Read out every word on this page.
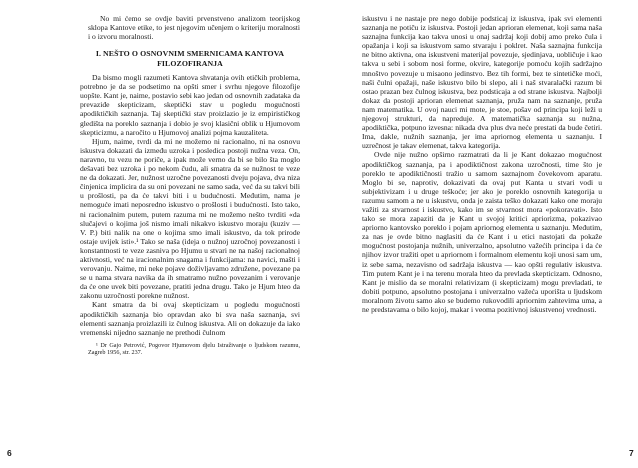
No mi ćemo se ovdje baviti prvenstveno analizom teorijskog sklopa Kantove etike, to jest njegovim učenjem o kriteriju moralnosti i o izvoru moralnosti.

I. NEŠTO O OSNOVNIM SMERNICAMA KANTOVA
FILOZOFIRANJA

Da bismo mogli razumeti Kantova shvatanja ovih etičkih problema, potrebno je da se podsetimo na opšti smer i svrhu njegove filozofije uopšte. Kant je, naime, postavio sebi kao jedan od osnovnih zadataka da prevaziđe skepticizam, skeptički stav u pogledu mogućnosti apodiktičkih saznanja. Taj skeptički stav proizlazio je iz empirističkog gledišta na poreklo saznanja i dobio je svoj klasični oblik u Hjumovom skepticizmu, a naročito u Hjumovoj analizi pojma kauzaliteta.

Hjum, naime, tvrdi da mi ne možemo ni racionalno, ni na osnovu iskustva dokazati da između uzroka i posledica postoji nužna veza. On, naravno, tu vezu ne poriče, a ipak može verno da bi se bilo šta moglo dešavati bez uzroka i po nekom čudu, ali smatra da se nužnost te veze ne da dokazati. Jer, nužnost uzročne povezanosti dveju pojava, dva niza činjenica implicira da su oni povezani ne samo sada, već da su takvi bili u prošlosti, pa da će takvi biti i u budućnosti. Međutim, nama je nemoguće imati neposredno iskustvo o prošlosti i budućnosti. Isto tako, ni racionalnim putem, putem razuma mi ne možemo nešto tvrditi «da slučajevi o kojima još nismo imali nikakvo iskustvo moraju (kuziv — V. P.) biti nalik na one o kojima smo imali iskustvo, da tok prirode ostaje uvijek isti».¹ Tako se naša (ideja o nužnoj uzročnoj povezanosti i konstantnosti te veze zasniva po Hjumu u stvari ne na našoj racionalnoj aktivnosti, već na iracionalnim snagama i funkcijama: na navici, mašti i verovanju. Naime, mi neke pojave doživljavamo združene, povezane pa se u nama stvara navika da ih smatramo nužno povezanim i verovanje da će one uvek biti povezane, pratiti jedna drugu. Tako je Hjum hteo da zakonu uzročnosti porekne nužnost.

Kant smatra da bi ovaj skepticizam u pogledu mogućnosti apodiktičkih saznanja bio opravdan ako bi sva naša saznanja, svi elementi saznanja proizlazili iz čulnog iskustva. Ali on dokazuje da iako vremenski nijedno saznanje ne prethodi čulnom

¹ Dr Gajo Petrović, Pogovor Hjumovom djelu Istraživanje o ljudskom razumu, Zagreb 1956, str. 237.

iskustvu i ne nastaje pre nego dobije podsticaj iz iskustva, ipak svi elementi saznanja ne potiču iz iskustva. Postoji jedan aprioran elemenat, koji sama naša saznajna funkcija kao takva unosi u onaj sadržaj koji dobij amo preko čula i opažanja i koji sa iskustvom samo stvaraju i poklret. Naša saznajna funkcija ne bitno aktivna, ona iskustveni materijal povezuje, sjedinjava, uobličuje i kao takva u sebi i sobom nosi forme, okvire, kategorije pomoću kojih sadržajno mnoštvo povezuje u misaono jedinstvo. Bez tih formi, bez te sintetičke moći, naši čulni opažaji, naše iskustvo bilo bi slepo, ali i naš stvaralački razum bi ostao prazan bez čulnog iskustva, bez podsticaja a od strane iskustva. Najbolji dokaz da postoji aprioran elemenat saznanja, pruža nam na saznanje, pruža nam matematika. U ovoj nauci mi mote, je stoe, pošav od principa koji leži u njegovoj strukturi, da napreduje. A matematička saznanja su nužna, apodiktička, potpuno izvesna: nikada dva plus dva neće prestati da bude četiri. Ima, dakle, nužnih saznanja, jer ima apriornog elementa u saznanju. I uzrečnost je takav elemenat, takva kategorija.

Ovde nije nužno opširno razmatrati da li je Kant dokazao mogućnost apodiktičkog saznanja, pa i apodiktičnost zakona uzročnosti, time što je poreklo te apodiktičnosti tražio u samom saznajnom čovekovom aparatu. Moglo bi se, naprotiv, dokazivati da ovaj put Kanta u stvari vodi u subjektivizam i u druge teškoće; jer ako je poreklo osnovnih kategorija u razumu samom a ne u iskustvu, onda je zaista teško dokazati kako one moraju važiti za stvarnost i iskustvo, kako im se stvarnost mora «pokoravati». Isto tako se mora zapaziti da je Kant u svojoj kritici apriorizma, pokazivao apriorno kantovsko poreklo i pojam apriornog elementa u saznanju. Međutim, za nas je ovde bitno naglasiti da će Kant i u etici nastojati da pokaže mogućnost postojanja nužnih, univerzalno, apsolutno važećih principa i da će njihov izvor tražiti opet u apriornom i formalnom elementu koji unosi sam um, iz sebe sama, nezavisno od sadržaja iskustva — kao opšti regulativ iskustva. Tim putem Kant je i na terenu morala hteo da prevlada skepticizam. Odnosno, Kant je mislio da se moralni relativizam (i skepticizam) mogu prevladati, te dobiti potpuno, apsolutno postojana i univerzalno važeća uporišta u ljudskom moralnom životu samo ako se budemo rukovodili apriornim zahtevima uma, a ne predstavama o bilo kojoj, makar i veoma pozitivnoj iskustvenoj vrednosti.

6	7
